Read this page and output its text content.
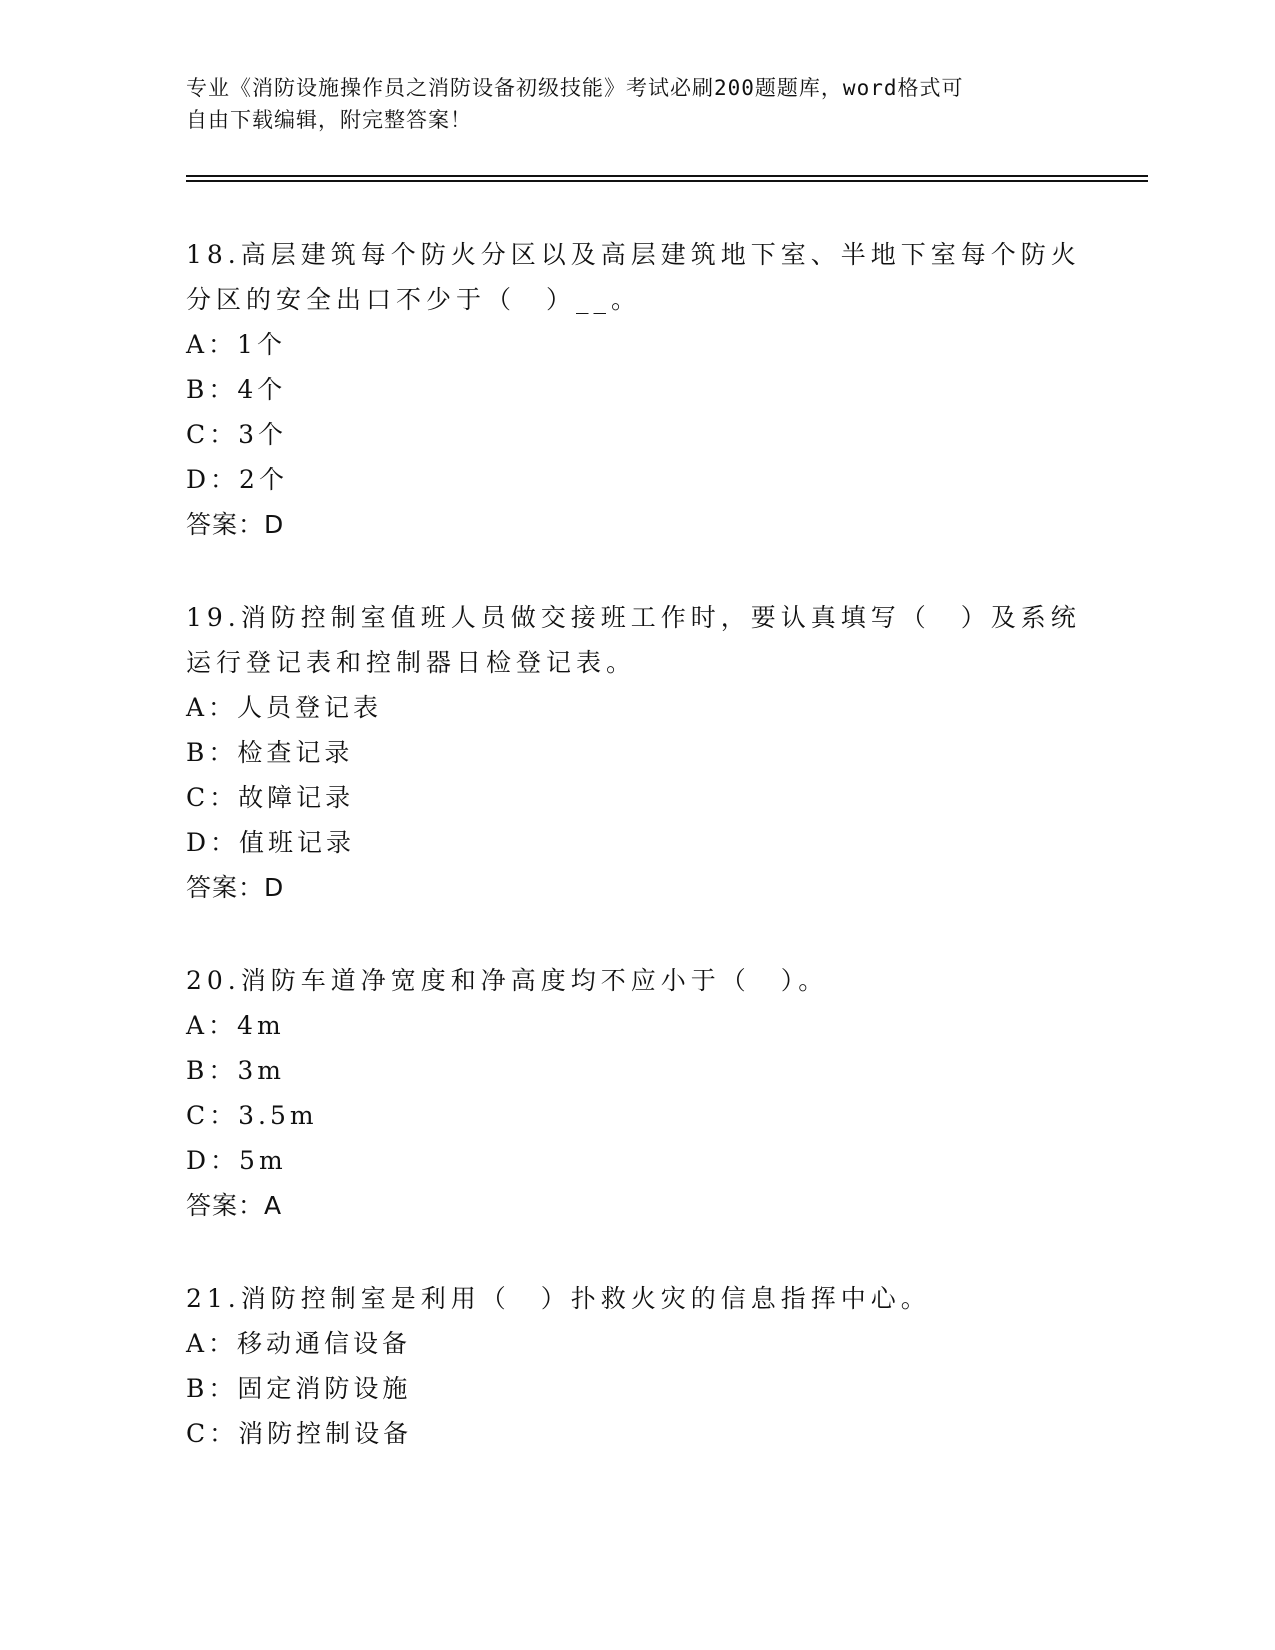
专业《消防设施操作员之消防设备初级技能》考试必刷200题题库，word格式可
自由下载编辑，附完整答案！
18.高层建筑每个防火分区以及高层建筑地下室、半地下室每个防火分区的安全出口不少于（　）__。
A：1个
B：4个
C：3个
D：2个
答案：D
19.消防控制室值班人员做交接班工作时，要认真填写（　）及系统运行登记表和控制器日检登记表。
A：人员登记表
B：检查记录
C：故障记录
D：值班记录
答案：D
20.消防车道净宽度和净高度均不应小于（　）。
A：4m
B：3m
C：3.5m
D：5m
答案：A
21.消防控制室是利用（　）扑救火灾的信息指挥中心。
A：移动通信设备
B：固定消防设施
C：消防控制设备
